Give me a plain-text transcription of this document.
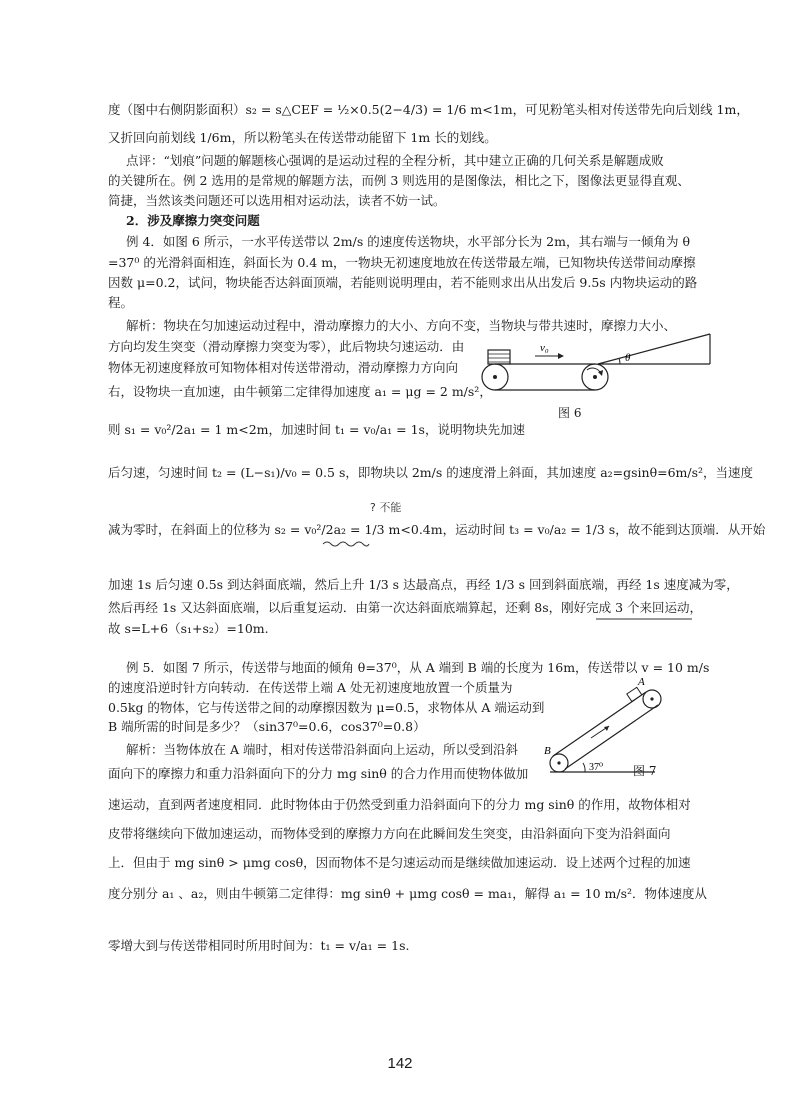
度（图中右侧阴影面积）s₂ = s△CEF = ½×0.5(2−4/3) = 1/6 m<1m，可见粉笔头相对传送带先向后划线 1m，
又折回向前划线 1/6m，所以粉笔头在传送带动能留下 1m 长的划线。
点评：“划痕”问题的解题核心强调的是运动过程的全程分析，其中建立正确的几何关系是解题成败
的关键所在。例 2 选用的是常规的解题方法，而例 3 则选用的是图像法，相比之下，图像法更显得直观、
简捷，当然该类问题还可以选用相对运动法，读者不妨一试。
2．涉及摩擦力突变问题
例 4．如图 6 所示，一水平传送带以 2m/s 的速度传送物块，水平部分长为 2m，其右端与一倾角为 θ
=37⁰ 的光滑斜面相连，斜面长为 0.4 m，一物块无初速度地放在传送带最左端，已知物块传送带间动摩擦
因数 μ=0.2，试问，物块能否达斜面顶端，若能则说明理由，若不能则求出从出发后 9.5s 内物块运动的路
程。
解析：物块在匀加速运动过程中，滑动摩擦力的大小、方向不变，当物块与带共速时，摩擦力大小、
方向均发生突变（滑动摩擦力突变为零），此后物块匀速运动．由
物体无初速度释放可知物体相对传送带滑动，滑动摩擦力方向向
右，设物块一直加速，由牛顿第二定律得加速度 a₁ = μg = 2 m/s²，
则 s₁ = v₀²/2a₁ = 1 m<2m，加速时间 t₁ = v₀/a₁ = 1s，说明物块先加速
v₀
θ
图 6
后匀速，匀速时间 t₂ = (L−s₁)/v₀ = 0.5 s，即物块以 2m/s 的速度滑上斜面，其加速度 a₂=gsinθ=6m/s²，当速度
? 不能
减为零时，在斜面上的位移为 s₂ = v₀²/2a₂ = 1/3 m<0.4m，运动时间 t₃ = v₀/a₂ = 1/3 s，故不能到达顶端．从开始
加速 1s 后匀速 0.5s 到达斜面底端，然后上升 1/3 s 达最高点，再经 1/3 s 回到斜面底端，再经 1s 速度减为零，
然后再经 1s 又达斜面底端，以后重复运动．由第一次达斜面底端算起，还剩 8s，刚好完成 3 个来回运动，
故 s=L+6（s₁+s₂）=10m.
例 5．如图 7 所示，传送带与地面的倾角 θ=37⁰，从 A 端到 B 端的长度为 16m，传送带以 v = 10 m/s
的速度沿逆时针方向转动．在传送带上端 A 处无初速度地放置一个质量为
0.5kg 的物体，它与传送带之间的动摩擦因数为 μ=0.5，求物体从 A 端运动到
B 端所需的时间是多少？（sin37⁰=0.6，cos37⁰=0.8）
解析：当物体放在 A 端时，相对传送带沿斜面向上运动，所以受到沿斜
面向下的摩擦力和重力沿斜面向下的分力 mg sinθ 的合力作用而使物体做加
A
B
37⁰ 图 7
速运动，直到两者速度相同．此时物体由于仍然受到重力沿斜面向下的分力 mg sinθ 的作用，故物体相对
皮带将继续向下做加速运动，而物体受到的摩擦力方向在此瞬间发生突变，由沿斜面向下变为沿斜面向
上．但由于 mg sinθ > μmg cosθ，因而物体不是匀速运动而是继续做加速运动．设上述两个过程的加速
度分别分 a₁ 、a₂，则由牛顿第二定律得：mg sinθ + μmg cosθ = ma₁，解得 a₁ = 10 m/s²．物体速度从
零增大到与传送带相同时所用时间为：t₁ = v/a₁ = 1s.
142
